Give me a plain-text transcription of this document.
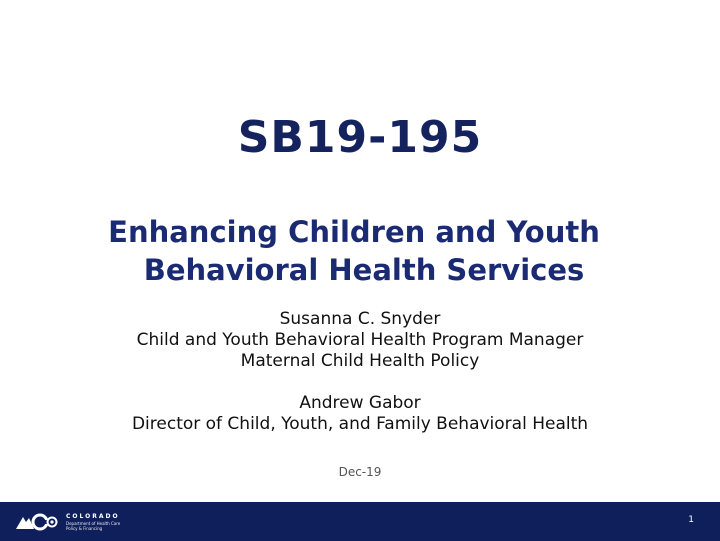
SB19-195
Enhancing Children and Youth
Behavioral Health Services
Susanna C. Snyder
Child and Youth Behavioral Health Program Manager
Maternal Child Health Policy
Andrew Gabor
Director of Child, Youth, and Family Behavioral Health
Dec-19
COLORADO
Department of Health Care
Policy & Financing
1
